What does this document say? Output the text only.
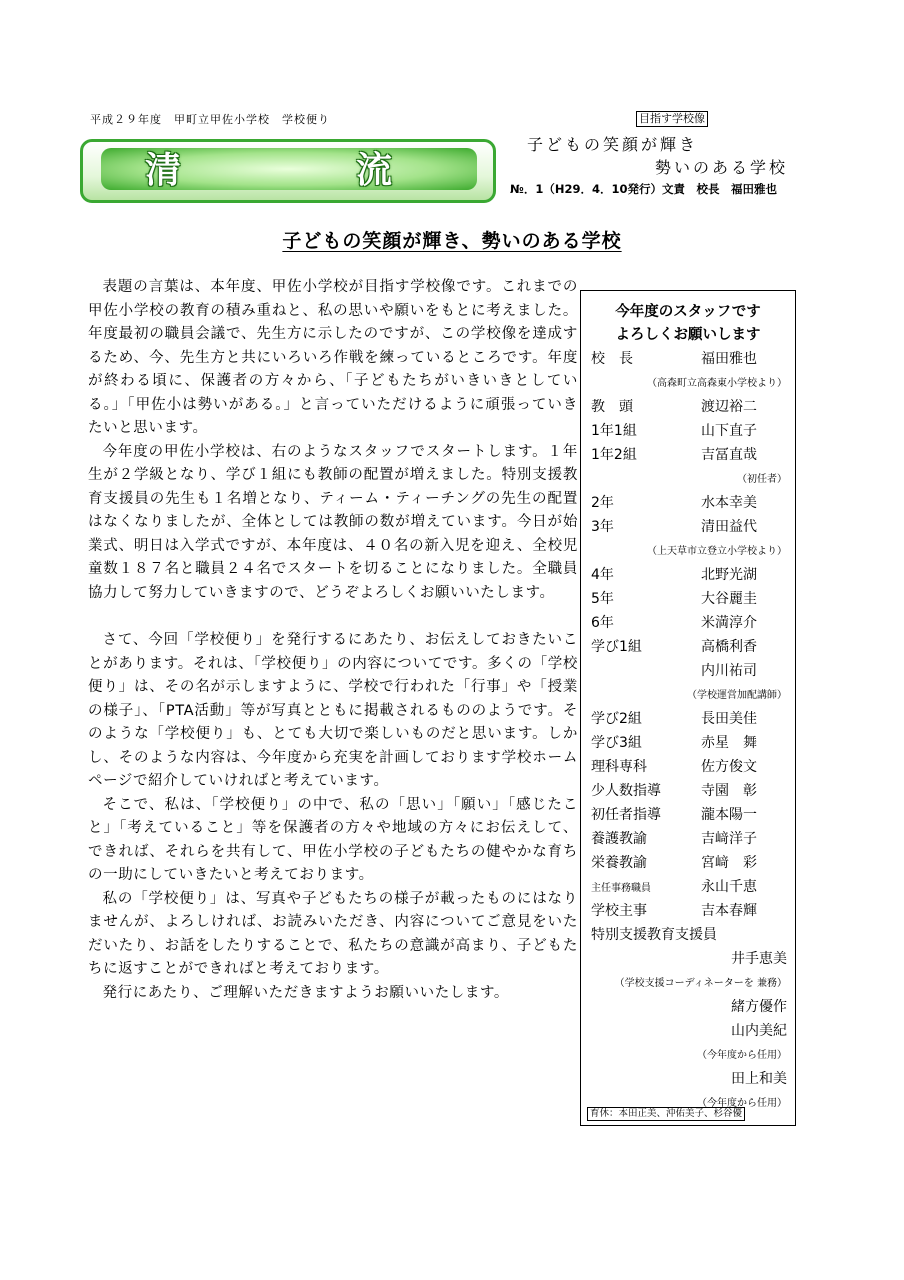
平成２９年度　甲町立甲佐小学校　学校便り	目指す学校像
子どもの笑顔が輝き
勢いのある学校
№．1（H29．4．10発行）文責　校長　福田雅也
清	流
子どもの笑顔が輝き、勢いのある学校

表題の言葉は、本年度、甲佐小学校が目指す学校像です。これまでの甲佐小学校の教育の積み重ねと、私の思いや願いをもとに考えました。年度最初の職員会議で、先生方に示したのですが、この学校像を達成するため、今、先生方と共にいろいろ作戦を練っているところです。年度が終わる頃に、保護者の方々から、「子どもたちがいきいきとしている。」「甲佐小は勢いがある。」と言っていただけるように頑張っていきたいと思います。

今年度の甲佐小学校は、右のようなスタッフでスタートします。１年生が２学級となり、学び１組にも教師の配置が増えました。特別支援教育支援員の先生も１名増となり、ティーム・ティーチングの先生の配置はなくなりましたが、全体としては教師の数が増えています。今日が始業式、明日は入学式ですが、本年度は、４０名の新入児を迎え、全校児童数１８７名と職員２４名でスタートを切ることになりました。全職員協力して努力していきますので、どうぞよろしくお願いいたします。

さて、今回「学校便り」を発行するにあたり、お伝えしておきたいことがあります。それは、「学校便り」の内容についてです。多くの「学校便り」は、その名が示しますように、学校で行われた「行事」や「授業の様子」、「PTA活動」等が写真とともに掲載されるもののようです。そのような「学校便り」も、とても大切で楽しいものだと思います。しかし、そのような内容は、今年度から充実を計画しております学校ホームページで紹介していければと考えています。

そこで、私は、「学校便り」の中で、私の「思い」「願い」「感じたこと」「考えていること」等を保護者の方々や地域の方々にお伝えして、できれば、それらを共有して、甲佐小学校の子どもたちの健やかな育ちの一助にしていきたいと考えております。

私の「学校便り」は、写真や子どもたちの様子が載ったものにはなりませんが、よろしければ、お読みいただき、内容についてご意見をいただいたり、お話をしたりすることで、私たちの意識が高まり、子どもたちに返すことができればと考えております。

発行にあたり、ご理解いただきますようお願いいたします。

今年度のスタッフです
よろしくお願いします
校　長	福田雅也
（高森町立高森東小学校より）
教　頭	渡辺裕二
1年1組	山下直子
1年2組	吉冨直哉
（初任者）
2年	水本幸美
3年	清田益代
（上天草市立登立小学校より）
4年	北野光湖
5年	大谷麗圭
6年	米満淳介
学び1組	高橋利香
内川祐司
（学校運営加配講師）
学び2組	長田美佳
学び3組	赤星　舞
理科専科	佐方俊文
少人数指導	寺園　彰
初任者指導	瀧本陽一
養護教諭	吉﨑洋子
栄養教諭	宮﨑　彩
主任事務職員	永山千恵
学校主事	吉本春輝
特別支援教育支援員
井手恵美
（学校支援コーディネーターを 兼務）
緒方優作
山内美紀
（今年度から任用）
田上和美
（今年度から任用）
育休：本田正美、沖佑美子、杉谷優
